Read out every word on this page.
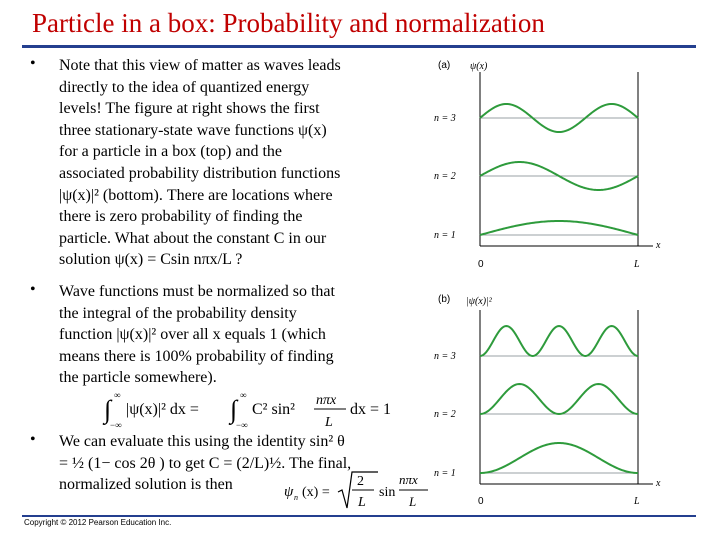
Particle in a box: Probability and normalization
• Note that this view of matter as waves leads
directly to the idea of quantized energy
levels! The figure at right shows the first
three stationary-state wave functions ψ(x)
for a particle in a box (top) and the
associated probability distribution functions
|ψ(x)|² (bottom). There are locations where
there is zero probability of finding the
particle. What about the constant C in our
solution ψ(x) = Csin nπx/L ?
• Wave functions must be normalized so that
the integral of the probability density
function |ψ(x)|² over all x equals 1 (which
means there is 100% probability of finding
the particle somewhere).
∫ ∞
−∞
|ψ(x)|² dx = ∫ ∞
−∞
C² sin²
nπx
L
dx = 1
• We can evaluate this using the identity sin² θ
= ½ (1− cos 2θ ) to get C = (2/L)½. The final,
normalized solution is then	ψ n (x) =
2
L
sin
nπx
L
(a) ψ(x)
x
0	L
n = 3
n = 2
n = 1
(b) |ψ(x)|²
x
0	L
n = 3
n = 2
n = 1
Copyright © 2012 Pearson Education Inc.
